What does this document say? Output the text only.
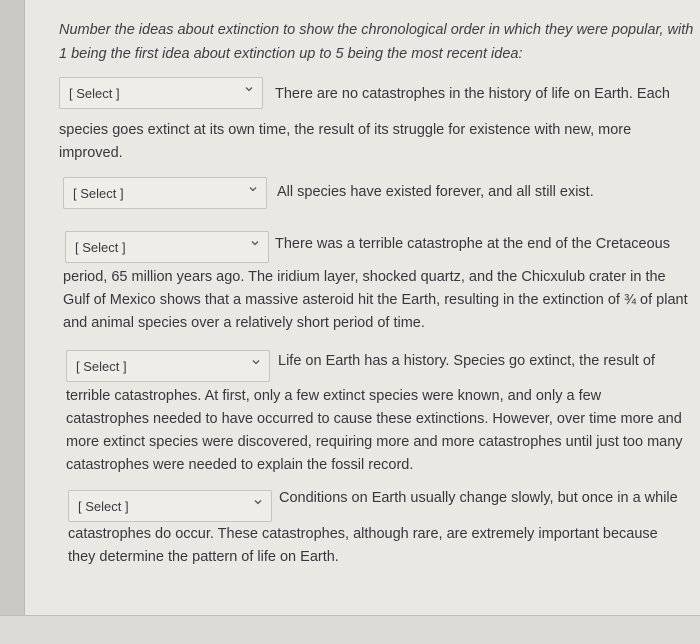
Number the ideas about extinction to show the chronological order in which they were popular, with 1 being the first idea about extinction up to 5 being the most recent idea:
[ Select ]	There are no catastrophes in the history of life on Earth. Each
species goes extinct at its own time, the result of its struggle for existence with new, more improved.
[ Select ]	All species have existed forever, and all still exist.
[ Select ]	There was a terrible catastrophe at the end of the Cretaceous
period, 65 million years ago. The iridium layer, shocked quartz, and the Chicxulub crater in the Gulf of Mexico shows that a massive asteroid hit the Earth, resulting in the extinction of ¾ of plant and animal species over a relatively short period of time.
[ Select ]	Life on Earth has a history. Species go extinct, the result of
terrible catastrophes. At first, only a few extinct species were known, and only a few catastrophes needed to have occurred to cause these extinctions. However, over time more and more extinct species were discovered, requiring more and more catastrophes until just too many catastrophes were needed to explain the fossil record.
[ Select ]
Conditions on Earth usually change slowly, but once in a while
catastrophes do occur. These catastrophes, although rare, are extremely important because they determine the pattern of life on Earth.
